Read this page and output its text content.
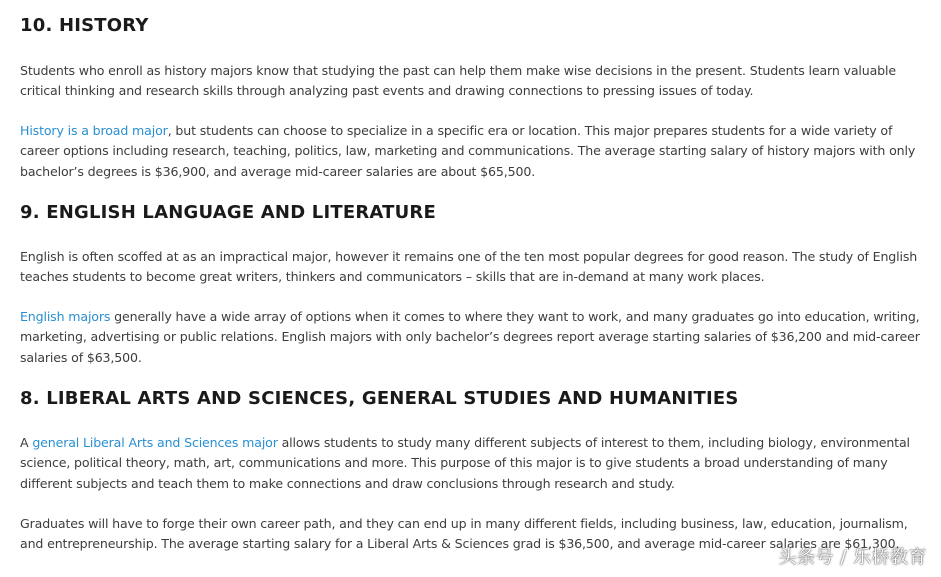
10. HISTORY

Students who enroll as history majors know that studying the past can help them make wise decisions in the present. Students learn valuable critical thinking and research skills through analyzing past events and drawing connections to pressing issues of today.

History is a broad major, but students can choose to specialize in a specific era or location. This major prepares students for a wide variety of career options including research, teaching, politics, law, marketing and communications. The average starting salary of history majors with only bachelor’s degrees is $36,900, and average mid-career salaries are about $65,500.

9. ENGLISH LANGUAGE AND LITERATURE

English is often scoffed at as an impractical major, however it remains one of the ten most popular degrees for good reason. The study of English teaches students to become great writers, thinkers and communicators – skills that are in-demand at many work places.

English majors generally have a wide array of options when it comes to where they want to work, and many graduates go into education, writing, marketing, advertising or public relations. English majors with only bachelor’s degrees report average starting salaries of $36,200 and mid-career salaries of $63,500.

8. LIBERAL ARTS AND SCIENCES, GENERAL STUDIES AND HUMANITIES

A general Liberal Arts and Sciences major allows students to study many different subjects of interest to them, including biology, environmental science, political theory, math, art, communications and more. This purpose of this major is to give students a broad understanding of many different subjects and teach them to make connections and draw conclusions through research and study.

Graduates will have to forge their own career path, and they can end up in many different fields, including business, law, education, journalism, and entrepreneurship. The average starting salary for a Liberal Arts & Sciences grad is $36,500, and average mid-career salaries are $61,300.

头条号 / 乐桥教育
